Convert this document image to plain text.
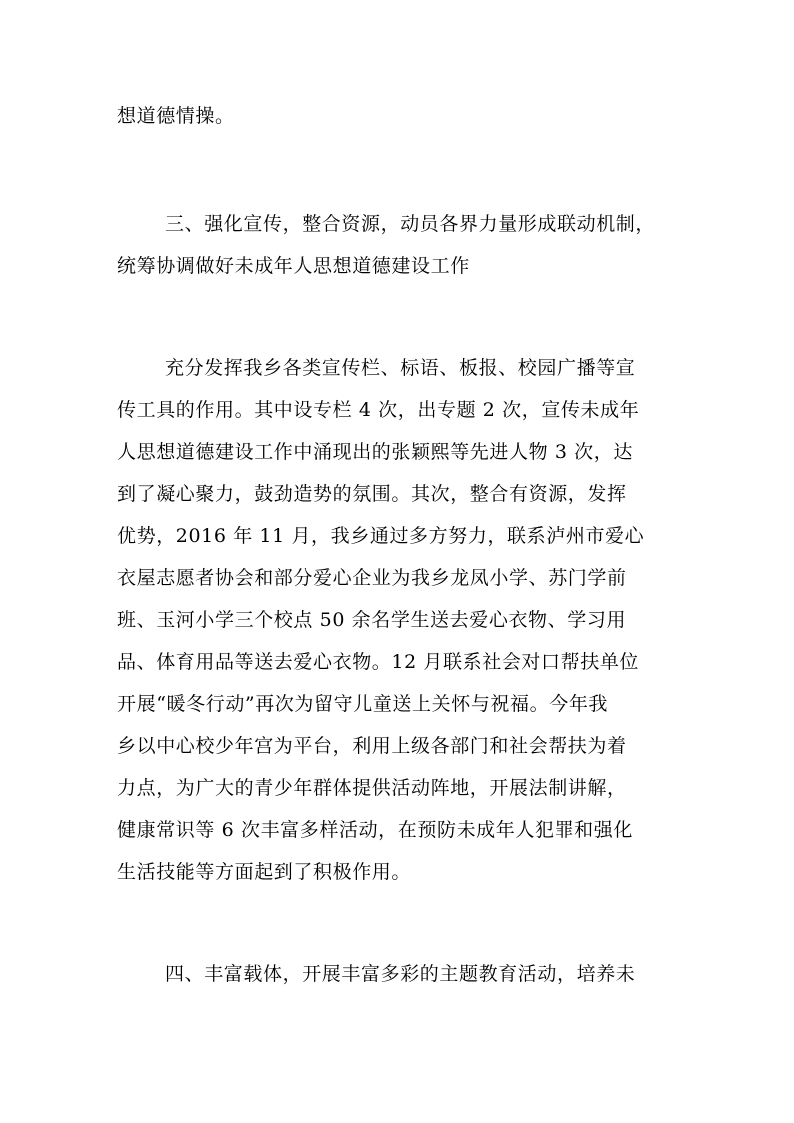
想道德情操。
三、强化宣传，整合资源，动员各界力量形成联动机制，
统筹协调做好未成年人思想道德建设工作
充分发挥我乡各类宣传栏、标语、板报、校园广播等宣
传工具的作用。其中设专栏 4 次，出专题 2 次，宣传未成年
人思想道德建设工作中涌现出的张颖熙等先进人物 3 次，达
到了凝心聚力，鼓劲造势的氛围。其次，整合有资源，发挥
优势，2016 年 11 月，我乡通过多方努力，联系泸州市爱心
衣屋志愿者协会和部分爱心企业为我乡龙凤小学、苏门学前
班、玉河小学三个校点 50 余名学生送去爱心衣物、学习用
品、体育用品等送去爱心衣物。12 月联系社会对口帮扶单位
开展“暖冬行动”再次为留守儿童送上关怀与祝福。今年我
乡以中心校少年宫为平台，利用上级各部门和社会帮扶为着
力点，为广大的青少年群体提供活动阵地，开展法制讲解，
健康常识等 6 次丰富多样活动，在预防未成年人犯罪和强化
生活技能等方面起到了积极作用。
四、丰富载体，开展丰富多彩的主题教育活动，培养未
